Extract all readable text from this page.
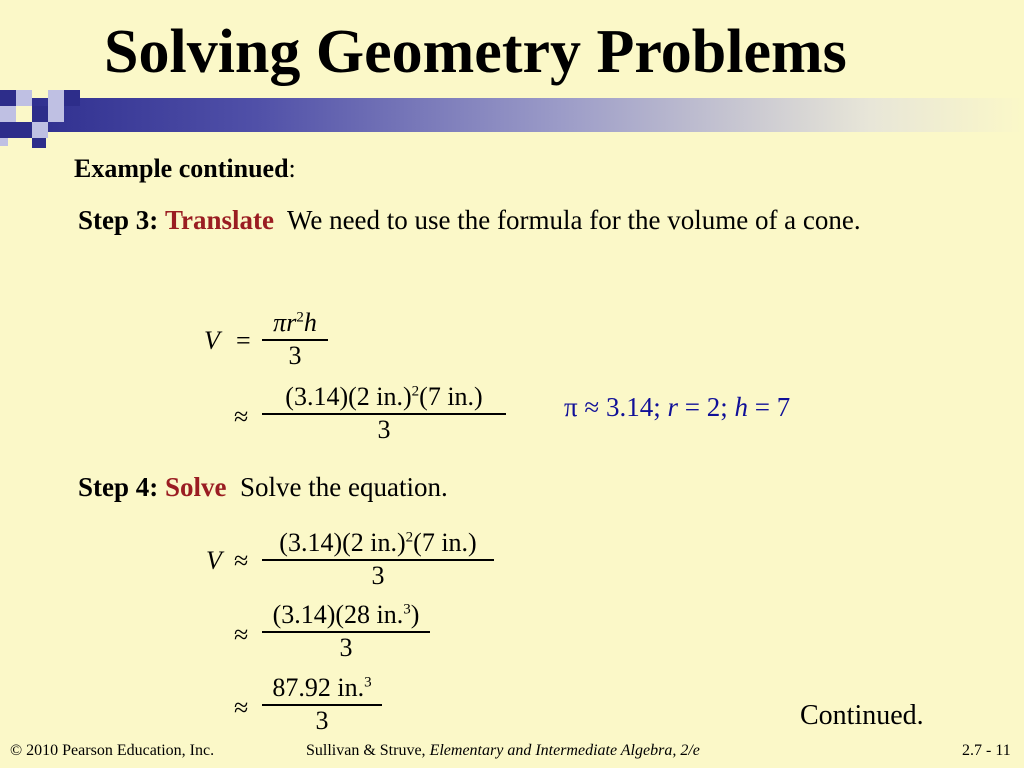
Solving Geometry Problems
Example continued:
Step 3: Translate We need to use the formula for the volume of a cone.
V =
$\pi r^2h$
3
≈
(3.14)(2 in.)$^2$(7 in.)
3
π ≈ 3.14; r = 2; h = 7
Step 4: Solve Solve the equation.
V ≈
(3.14)(2 in.)$^2$(7 in.)
3
≈
(3.14)(28 in.$^3$)
3
≈
87.92 in.$^3$
3	Continued.
© 2010 Pearson Education, Inc.	Sullivan & Struve, Elementary and Intermediate Algebra, 2/e	2.7 - 11
